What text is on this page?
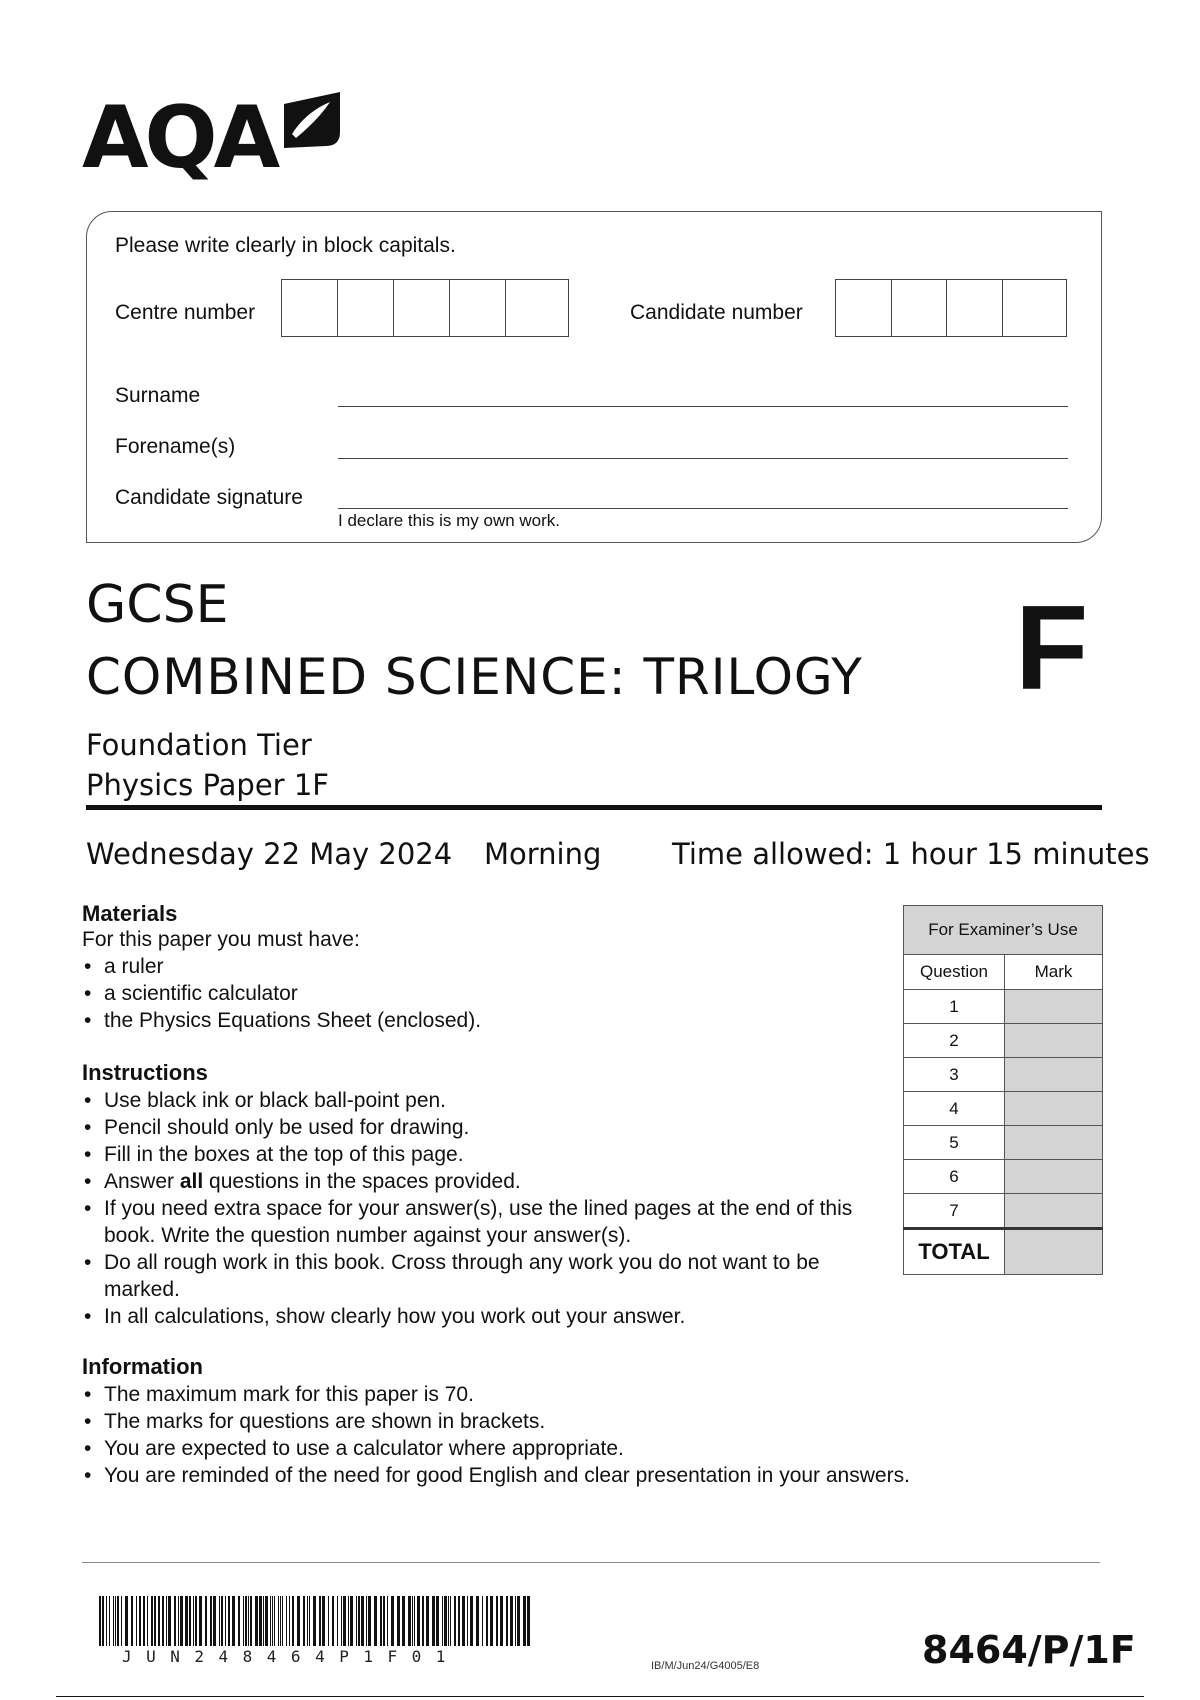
AQA
Please write clearly in block capitals.
Centre number	Candidate number
Surname
Forename(s)
Candidate signature
I declare this is my own work.
GCSE
COMBINED SCIENCE: TRILOGY F
Foundation Tier
Physics Paper 1F
Wednesday 22 May 2024 Morning Time allowed: 1 hour 15 minutes
Materials
For this paper you must have:
• a ruler
• a scientific calculator
• the Physics Equations Sheet (enclosed).
Instructions
• Use black ink or black ball-point pen.
• Pencil should only be used for drawing.
• Fill in the boxes at the top of this page.
• Answer all questions in the spaces provided.
• If you need extra space for your answer(s), use the lined pages at the end of this book. Write the question number against your answer(s).
• Do all rough work in this book. Cross through any work you do not want to be marked.
• In all calculations, show clearly how you work out your answer.
Information
• The maximum mark for this paper is 70.
• The marks for questions are shown in brackets.
• You are expected to use a calculator where appropriate.
• You are reminded of the need for good English and clear presentation in your answers.
For Examiner’s Use	
Question	Mark
1	
2	
3	
4	
5	
6	
7	
TOTAL	
JUN248464P1F01	IB/M/Jun24/G4005/E8	8464/P/1F
